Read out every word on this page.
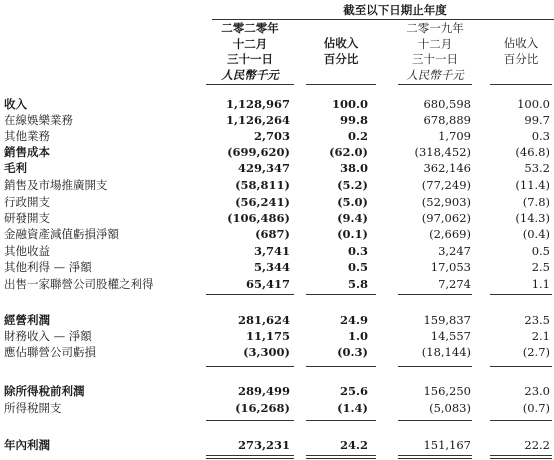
截至以下日期止年度
二零二零年
十二月
三十一日
人民幣千元
佔收入
百分比
二零一九年
十二月
三十一日
人民幣千元
佔收入
百分比
收入	1,128,967	100.0	680,598	100.0
在線娛樂業務	1,126,264	99.8	678,889	99.7
其他業務	2,703	0.2	1,709	0.3
銷售成本	(699,620)	(62.0)	(318,452)	(46.8)
毛利	429,347	38.0	362,146	53.2
銷售及市場推廣開支	(58,811)	(5.2)	(77,249)	(11.4)
行政開支	(56,241)	(5.0)	(52,903)	(7.8)
研發開支	(106,486)	(9.4)	(97,062)	(14.3)
金融資產減值虧損淨額	(687)	(0.1)	(2,669)	(0.4)
其他收益	3,741	0.3	3,247	0.5
其他利得 — 淨額	5,344	0.5	17,053	2.5
出售一家聯營公司股權之利得	65,417	5.8	7,274	1.1
經營利潤	281,624	24.9	159,837	23.5
財務收入 — 淨額	11,175	1.0	14,557	2.1
應佔聯營公司虧損	(3,300)	(0.3)	(18,144)	(2.7)
除所得稅前利潤	289,499	25.6	156,250	23.0
所得稅開支	(16,268)	(1.4)	(5,083)	(0.7)
年內利潤	273,231	24.2	151,167	22.2
